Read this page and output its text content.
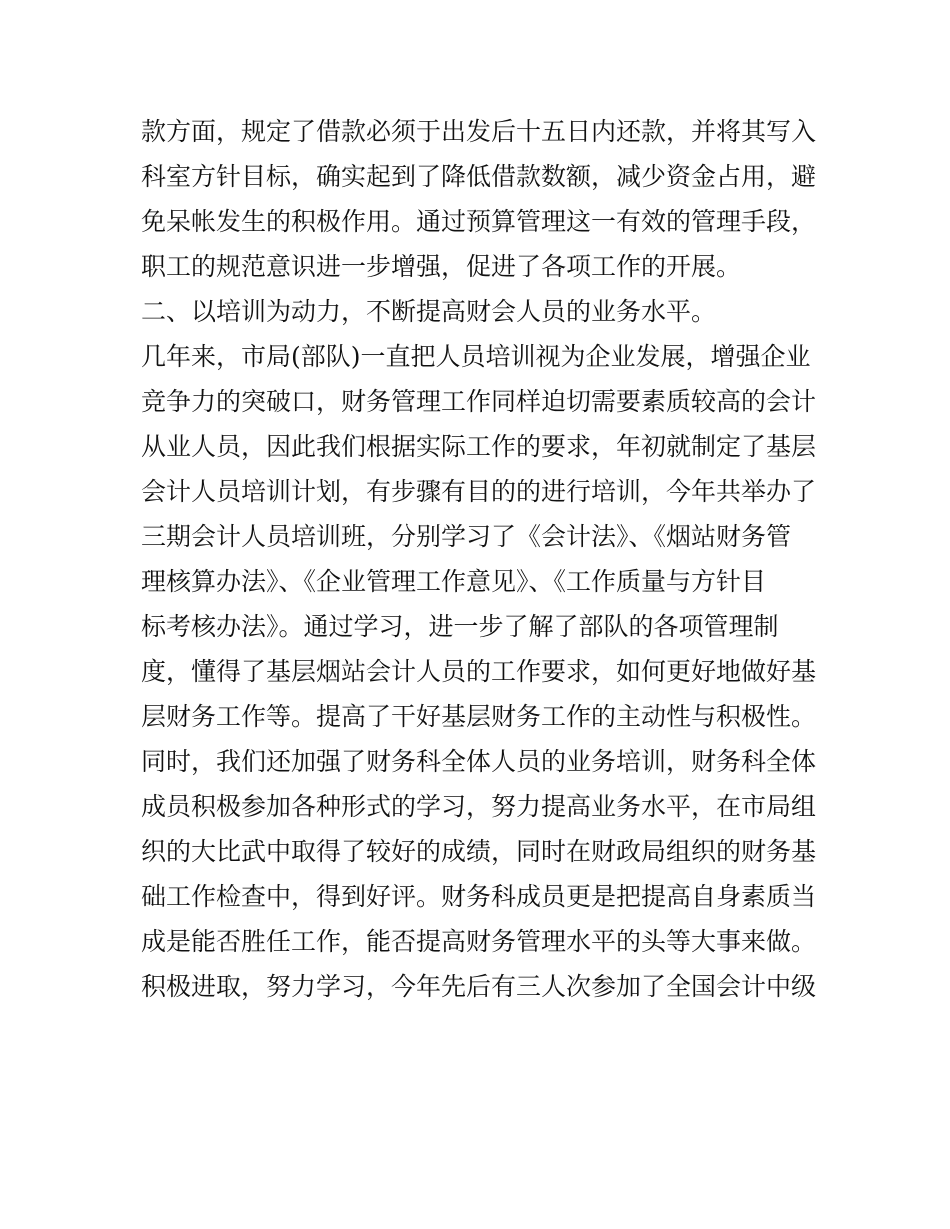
款方面，规定了借款必须于出发后十五日内还款，并将其写入
科室方针目标，确实起到了降低借款数额，减少资金占用，避
免呆帐发生的积极作用。通过预算管理这一有效的管理手段，
职工的规范意识进一步增强，促进了各项工作的开展。
二、以培训为动力，不断提高财会人员的业务水平。
几年来，市局(部队)一直把人员培训视为企业发展，增强企业
竞争力的突破口，财务管理工作同样迫切需要素质较高的会计
从业人员，因此我们根据实际工作的要求，年初就制定了基层
会计人员培训计划，有步骤有目的的进行培训，今年共举办了
三期会计人员培训班，分别学习了《会计法》、《烟站财务管
理核算办法》、《企业管理工作意见》、《工作质量与方针目
标考核办法》。通过学习，进一步了解了部队的各项管理制
度，懂得了基层烟站会计人员的工作要求，如何更好地做好基
层财务工作等。提高了干好基层财务工作的主动性与积极性。
同时，我们还加强了财务科全体人员的业务培训，财务科全体
成员积极参加各种形式的学习，努力提高业务水平，在市局组
织的大比武中取得了较好的成绩，同时在财政局组织的财务基
础工作检查中，得到好评。财务科成员更是把提高自身素质当
成是能否胜任工作，能否提高财务管理水平的头等大事来做。
积极进取，努力学习，今年先后有三人次参加了全国会计中级
